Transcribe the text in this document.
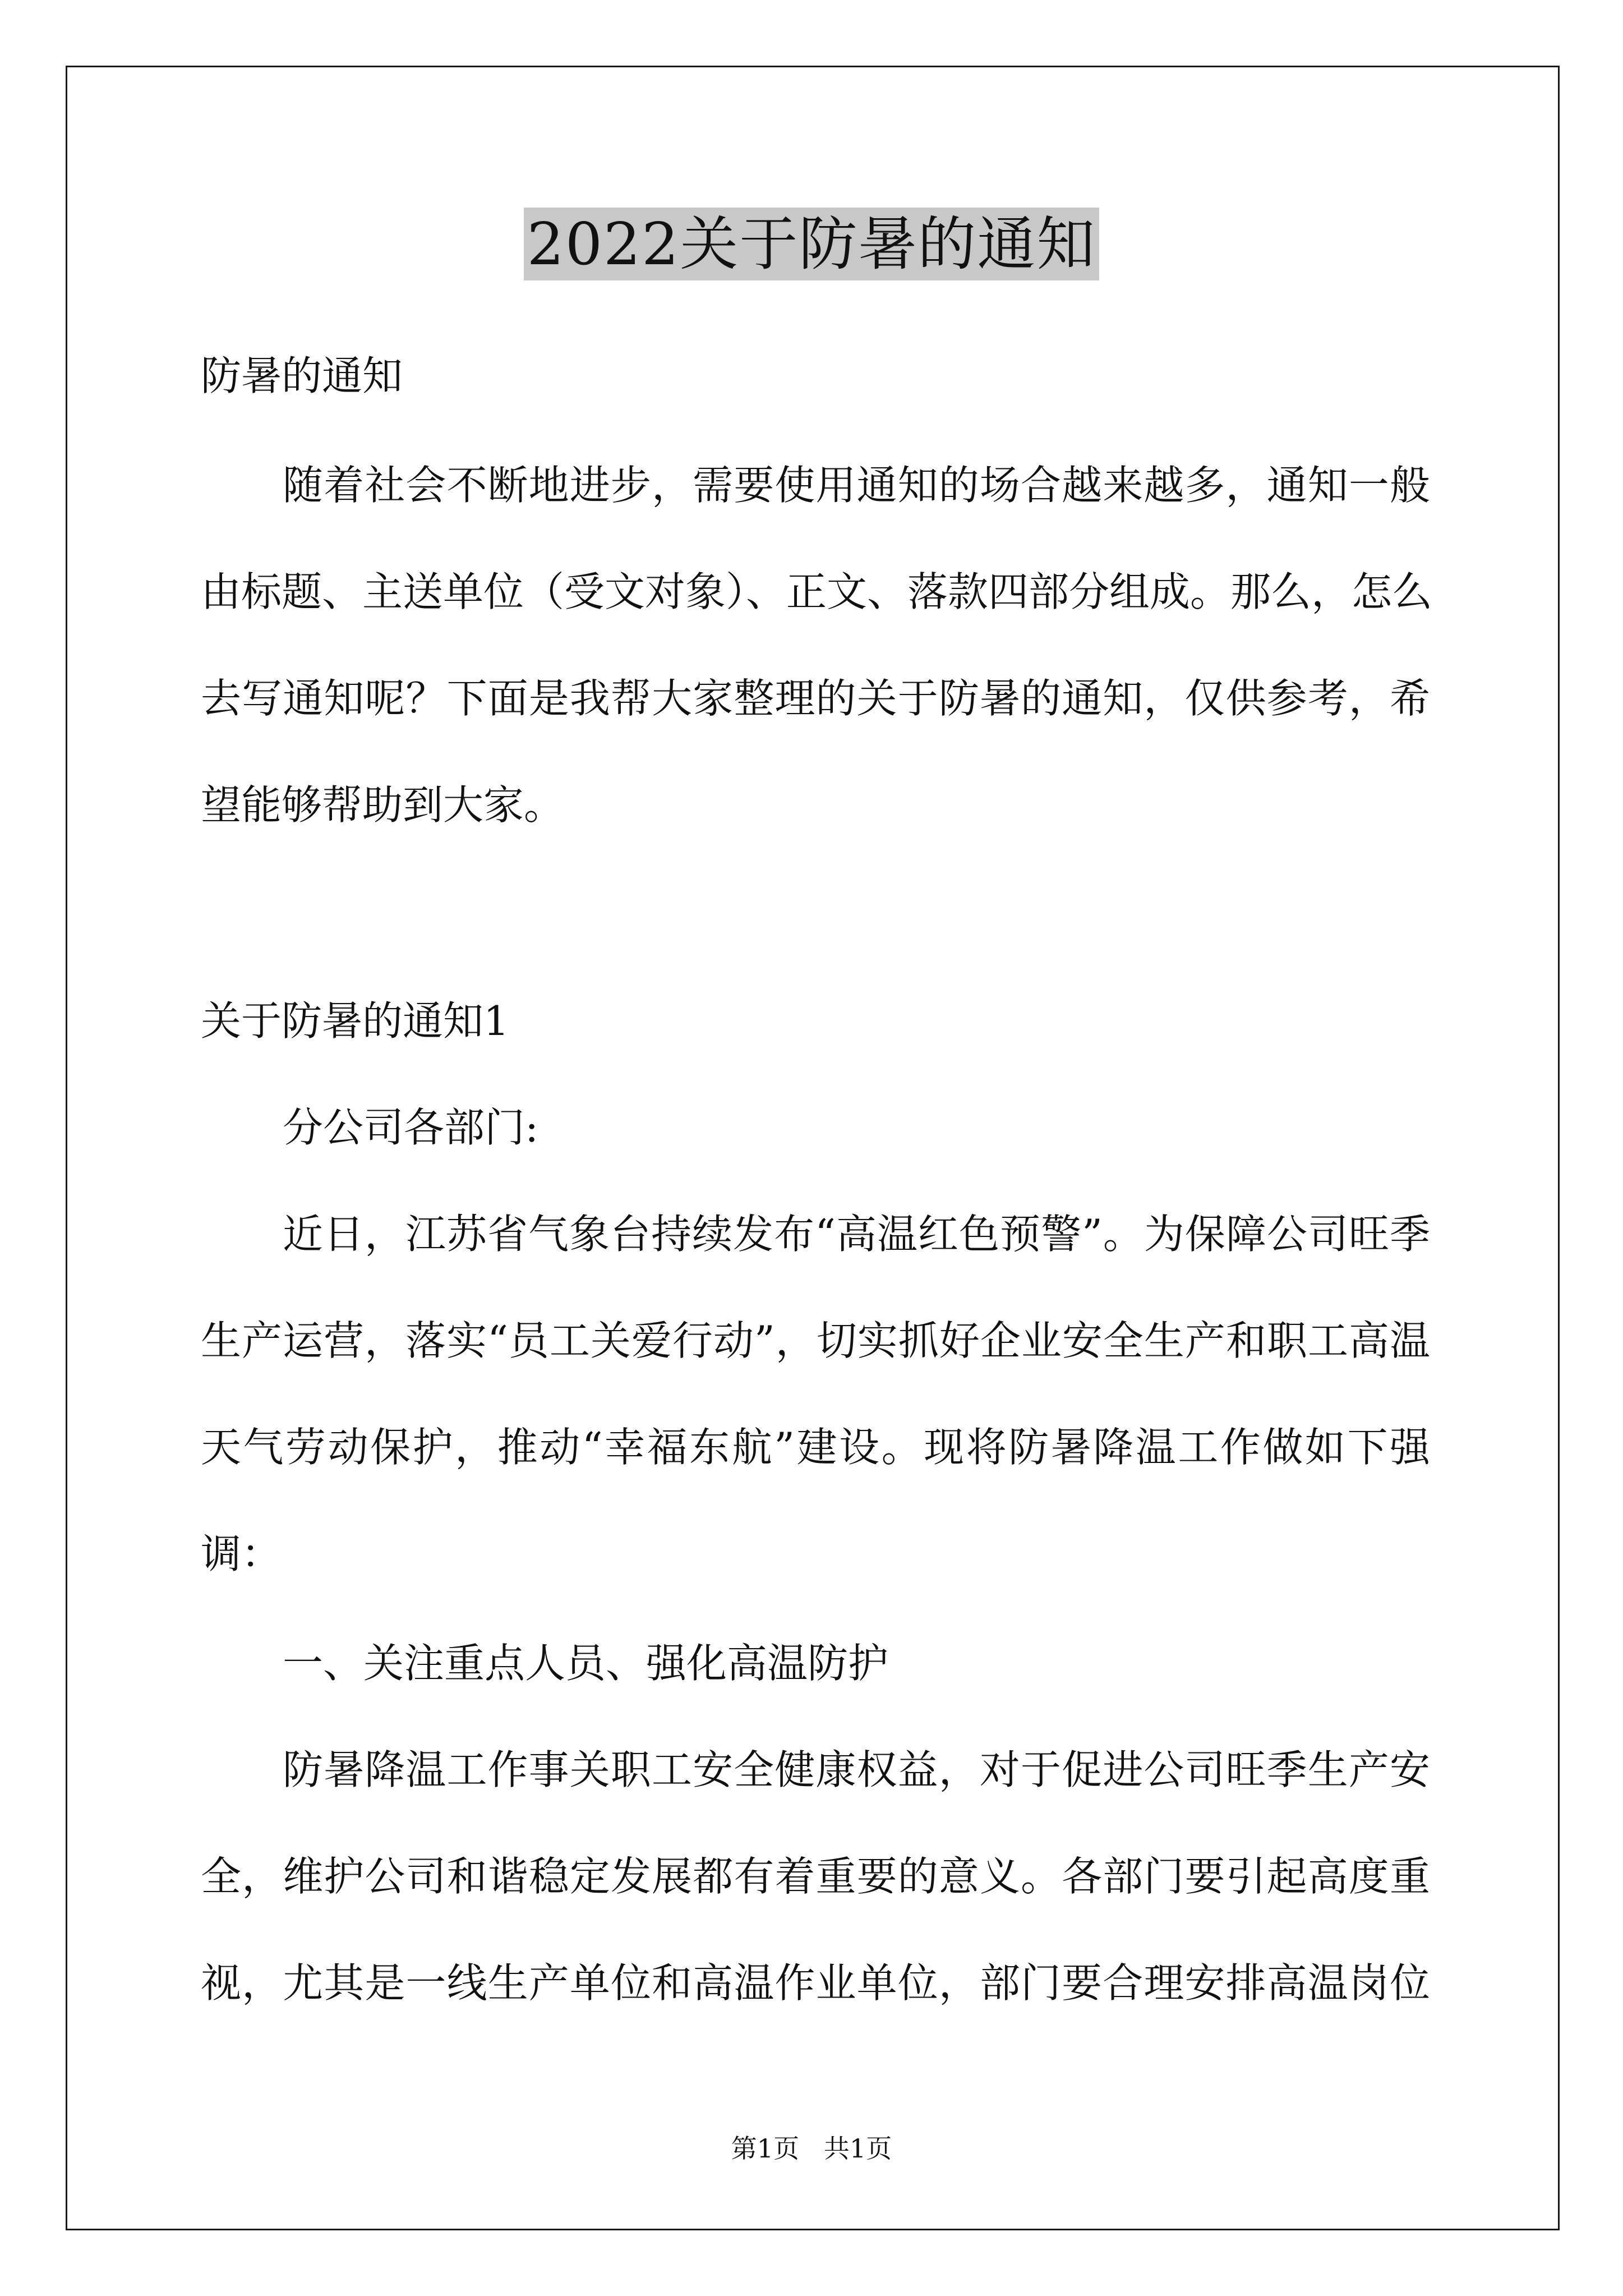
2022关于防暑的通知
防暑的通知
随着社会不断地进步，需要使用通知的场合越来越多，通知一般
由标题、主送单位（受文对象）、正文、落款四部分组成。那么，怎么
去写通知呢？下面是我帮大家整理的关于防暑的通知，仅供参考，希
望能够帮助到大家。
关于防暑的通知1
分公司各部门:
近日，江苏省气象台持续发布“高温红色预警”。为保障公司旺季
生产运营，落实“员工关爱行动”，切实抓好企业安全生产和职工高温
天气劳动保护，推动“幸福东航”建设。现将防暑降温工作做如下强
调：
一、关注重点人员、强化高温防护
防暑降温工作事关职工安全健康权益，对于促进公司旺季生产安
全，维护公司和谐稳定发展都有着重要的意义。各部门要引起高度重
视，尤其是一线生产单位和高温作业单位，部门要合理安排高温岗位
第1页   共1页
